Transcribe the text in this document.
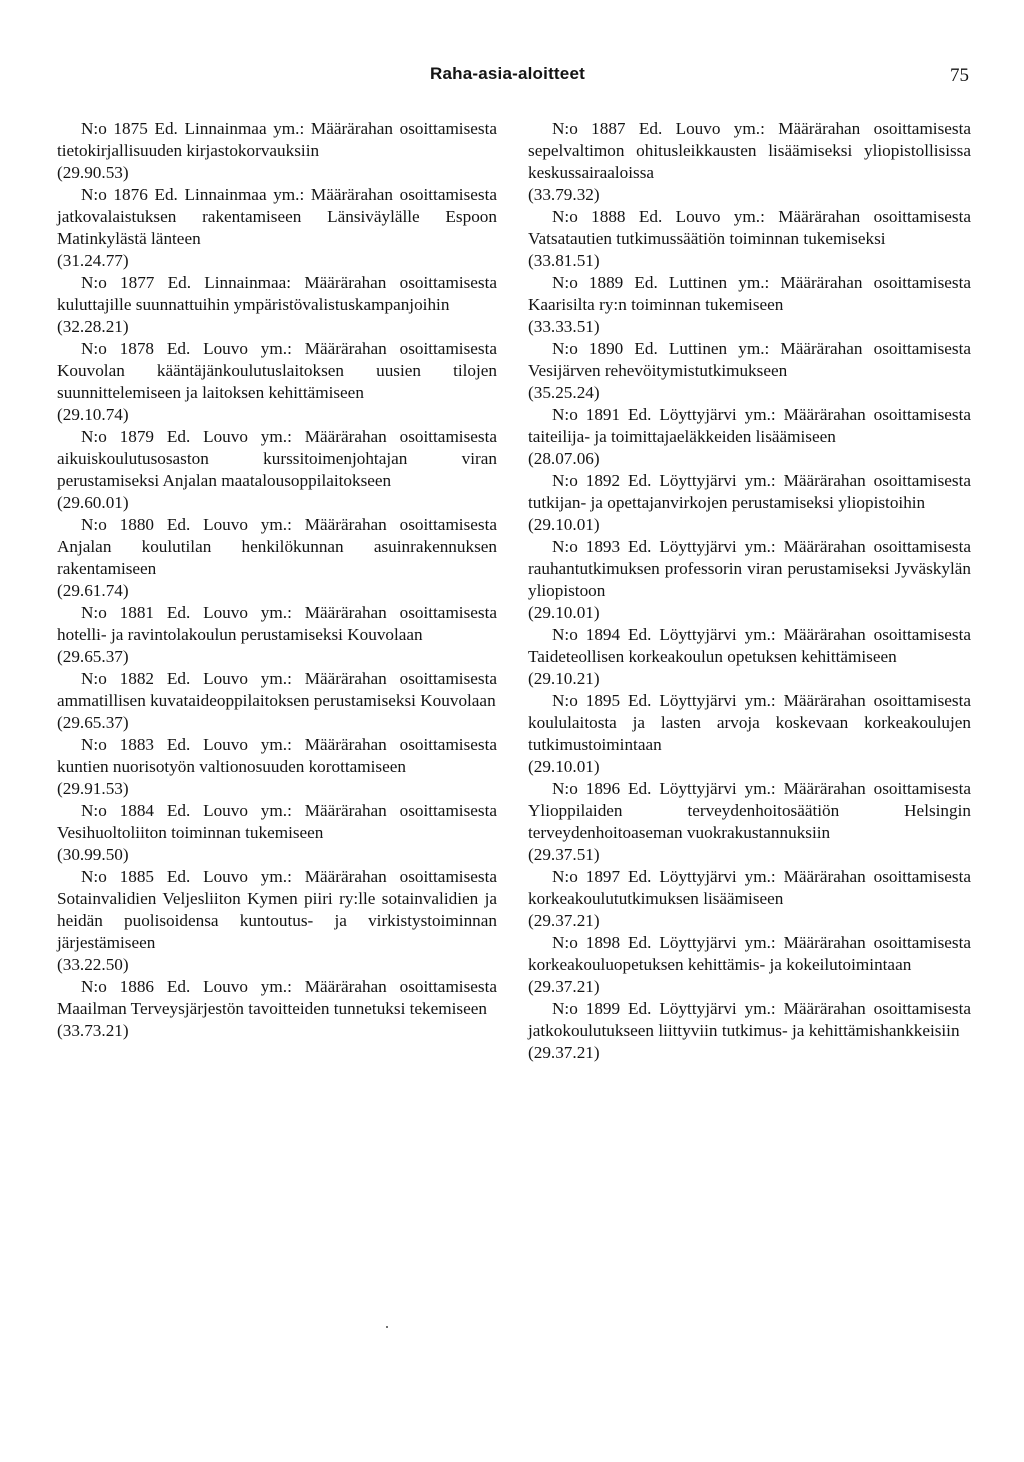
Raha-asia-aloitteet	75

N:o 1875 Ed. Linnainmaa ym.: Määrärahan osoittamisesta tietokirjallisuuden kirjastokorvauksiin

(29.90.53)

N:o 1876 Ed. Linnainmaa ym.: Määrärahan osoittamisesta jatkovalaistuksen rakentamiseen Länsiväylälle Espoon Matinkylästä länteen

(31.24.77)

N:o 1877 Ed. Linnainmaa: Määrärahan osoittamisesta kuluttajille suunnattuihin ympäristövalistuskampanjoihin

(32.28.21)

N:o 1878 Ed. Louvo ym.: Määrärahan osoittamisesta Kouvolan kääntäjänkoulutuslaitoksen uusien tilojen suunnittelemiseen ja laitoksen kehittämiseen

(29.10.74)

N:o 1879 Ed. Louvo ym.: Määrärahan osoittamisesta aikuiskoulutusosaston kurssitoimenjohtajan viran perustamiseksi Anjalan maatalousoppilaitokseen

(29.60.01)

N:o 1880 Ed. Louvo ym.: Määrärahan osoittamisesta Anjalan koulutilan henkilökunnan asuinrakennuksen rakentamiseen

(29.61.74)

N:o 1881 Ed. Louvo ym.: Määrärahan osoittamisesta hotelli- ja ravintolakoulun perustamiseksi Kouvolaan

(29.65.37)

N:o 1882 Ed. Louvo ym.: Määrärahan osoittamisesta ammatillisen kuvataideoppilaitoksen perustamiseksi Kouvolaan

(29.65.37)

N:o 1883 Ed. Louvo ym.: Määrärahan osoittamisesta kuntien nuorisotyön valtionosuuden korottamiseen

(29.91.53)

N:o 1884 Ed. Louvo ym.: Määrärahan osoittamisesta Vesihuoltoliiton toiminnan tukemiseen

(30.99.50)

N:o 1885 Ed. Louvo ym.: Määrärahan osoittamisesta Sotainvalidien Veljesliiton Kymen piiri ry:lle sotainvalidien ja heidän puolisoidensa kuntoutus- ja virkistystoiminnan järjestämiseen

(33.22.50)

N:o 1886 Ed. Louvo ym.: Määrärahan osoittamisesta Maailman Terveysjärjestön tavoitteiden tunnetuksi tekemiseen

(33.73.21)

N:o 1887 Ed. Louvo ym.: Määrärahan osoittamisesta sepelvaltimon ohitusleikkausten lisäämiseksi yliopistollisissa keskussairaaloissa

(33.79.32)

N:o 1888 Ed. Louvo ym.: Määrärahan osoittamisesta Vatsatautien tutkimussäätiön toiminnan tukemiseksi

(33.81.51)

N:o 1889 Ed. Luttinen ym.: Määrärahan osoittamisesta Kaarisilta ry:n toiminnan tukemiseen

(33.33.51)

N:o 1890 Ed. Luttinen ym.: Määrärahan osoittamisesta Vesijärven rehevöitymistutkimukseen

(35.25.24)

N:o 1891 Ed. Löyttyjärvi ym.: Määrärahan osoittamisesta taiteilija- ja toimittajaeläkkeiden lisäämiseen

(28.07.06)

N:o 1892 Ed. Löyttyjärvi ym.: Määrärahan osoittamisesta tutkijan- ja opettajanvirkojen perustamiseksi yliopistoihin

(29.10.01)

N:o 1893 Ed. Löyttyjärvi ym.: Määrärahan osoittamisesta rauhantutkimuksen professorin viran perustamiseksi Jyväskylän yliopistoon

(29.10.01)

N:o 1894 Ed. Löyttyjärvi ym.: Määrärahan osoittamisesta Taideteollisen korkeakoulun opetuksen kehittämiseen

(29.10.21)

N:o 1895 Ed. Löyttyjärvi ym.: Määrärahan osoittamisesta koululaitosta ja lasten arvoja koskevaan korkeakoulujen tutkimustoimintaan

(29.10.01)

N:o 1896 Ed. Löyttyjärvi ym.: Määrärahan osoittamisesta Ylioppilaiden terveydenhoitosäätiön Helsingin terveydenhoitoaseman vuokrakustannuksiin

(29.37.51)

N:o 1897 Ed. Löyttyjärvi ym.: Määrärahan osoittamisesta korkeakoulututkimuksen lisäämiseen

(29.37.21)

N:o 1898 Ed. Löyttyjärvi ym.: Määrärahan osoittamisesta korkeakouluopetuksen kehittämis- ja kokeilutoimintaan

(29.37.21)

N:o 1899 Ed. Löyttyjärvi ym.: Määrärahan osoittamisesta jatkokoulutukseen liittyviin tutkimus- ja kehittämishankkeisiin

(29.37.21)
